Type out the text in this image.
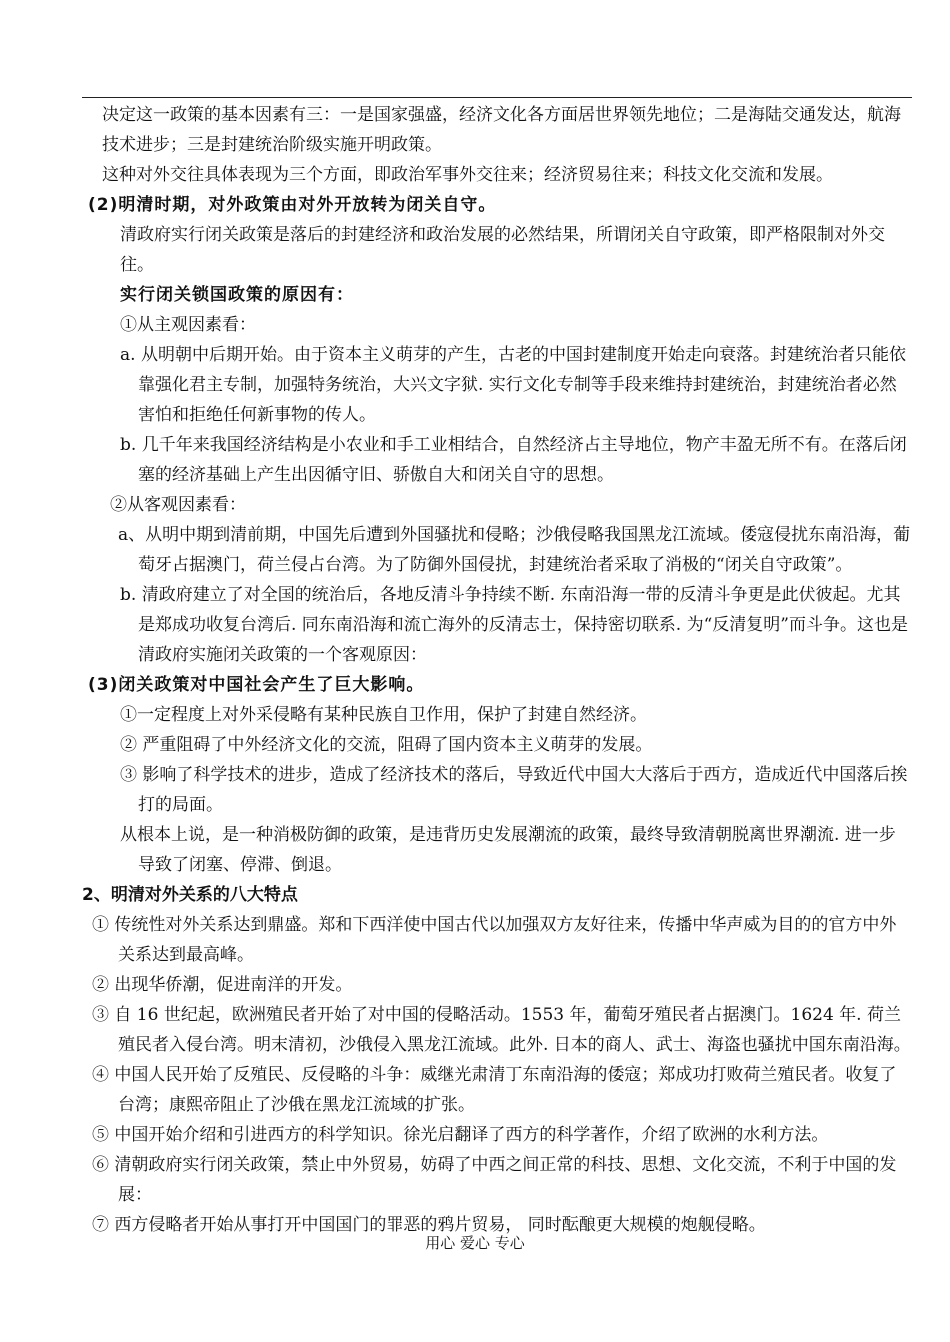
决定这一政策的基本因素有三：一是国家强盛，经济文化各方面居世界领先地位；二是海陆交通发达，航海技术进步；三是封建统治阶级实施开明政策。
这种对外交往具体表现为三个方面，即政治军事外交往来；经济贸易往来；科技文化交流和发展。
(2)明清时期，对外政策由对外开放转为闭关自守。
清政府实行闭关政策是落后的封建经济和政治发展的必然结果，所谓闭关自守政策，即严格限制对外交往。
实行闭关锁国政策的原因有：
①从主观因素看：
a. 从明朝中后期开始。由于资本主义萌芽的产生，古老的中国封建制度开始走向衰落。封建统治者只能依靠强化君主专制，加强特务统治，大兴文字狱. 实行文化专制等手段来维持封建统治，封建统治者必然害怕和拒绝任何新事物的传人。
b. 几千年来我国经济结构是小农业和手工业相结合，自然经济占主导地位，物产丰盈无所不有。在落后闭塞的经济基础上产生出因循守旧、骄傲自大和闭关自守的思想。
②从客观因素看：
a、从明中期到清前期，中国先后遭到外国骚扰和侵略；沙俄侵略我国黑龙江流域。倭寇侵扰东南沿海，葡萄牙占据澳门，荷兰侵占台湾。为了防御外国侵扰，封建统治者采取了消极的“闭关自守政策”。
b. 清政府建立了对全国的统治后，各地反清斗争持续不断. 东南沿海一带的反清斗争更是此伏彼起。尤其是郑成功收复台湾后. 同东南沿海和流亡海外的反清志士，保持密切联系. 为“反清复明”而斗争。这也是清政府实施闭关政策的一个客观原因：
(3)闭关政策对中国社会产生了巨大影响。
①一定程度上对外采侵略有某种民族自卫作用，保护了封建自然经济。
② 严重阻碍了中外经济文化的交流，阻碍了国内资本主义萌芽的发展。
③ 影响了科学技术的进步，造成了经济技术的落后，导致近代中国大大落后于西方，造成近代中国落后挨打的局面。
从根本上说，是一种消极防御的政策，是违背历史发展潮流的政策，最终导致清朝脱离世界潮流. 进一步导致了闭塞、停滞、倒退。
2、明清对外关系的八大特点
① 传统性对外关系达到鼎盛。郑和下西洋使中国古代以加强双方友好往来，传播中华声威为目的的官方中外关系达到最高峰。
② 出现华侨潮，促进南洋的开发。
③ 自 16 世纪起，欧洲殖民者开始了对中国的侵略活动。1553 年，葡萄牙殖民者占据澳门。1624 年. 荷兰殖民者入侵台湾。明末清初，沙俄侵入黑龙江流域。此外. 日本的商人、武士、海盗也骚扰中国东南沿海。
④ 中国人民开始了反殖民、反侵略的斗争：威继光肃清丁东南沿海的倭寇；郑成功打败荷兰殖民者。收复了台湾；康熙帝阻止了沙俄在黑龙江流域的扩张。
⑤ 中国开始介绍和引进西方的科学知识。徐光启翻译了西方的科学著作，介绍了欧洲的水利方法。
⑥ 清朝政府实行闭关政策，禁止中外贸易，妨碍了中西之间正常的科技、思想、文化交流，不利于中国的发展：
⑦ 西方侵略者开始从事打开中国国门的罪恶的鸦片贸易， 同时酝酿更大规模的炮舰侵略。
用心 爱心 专心
